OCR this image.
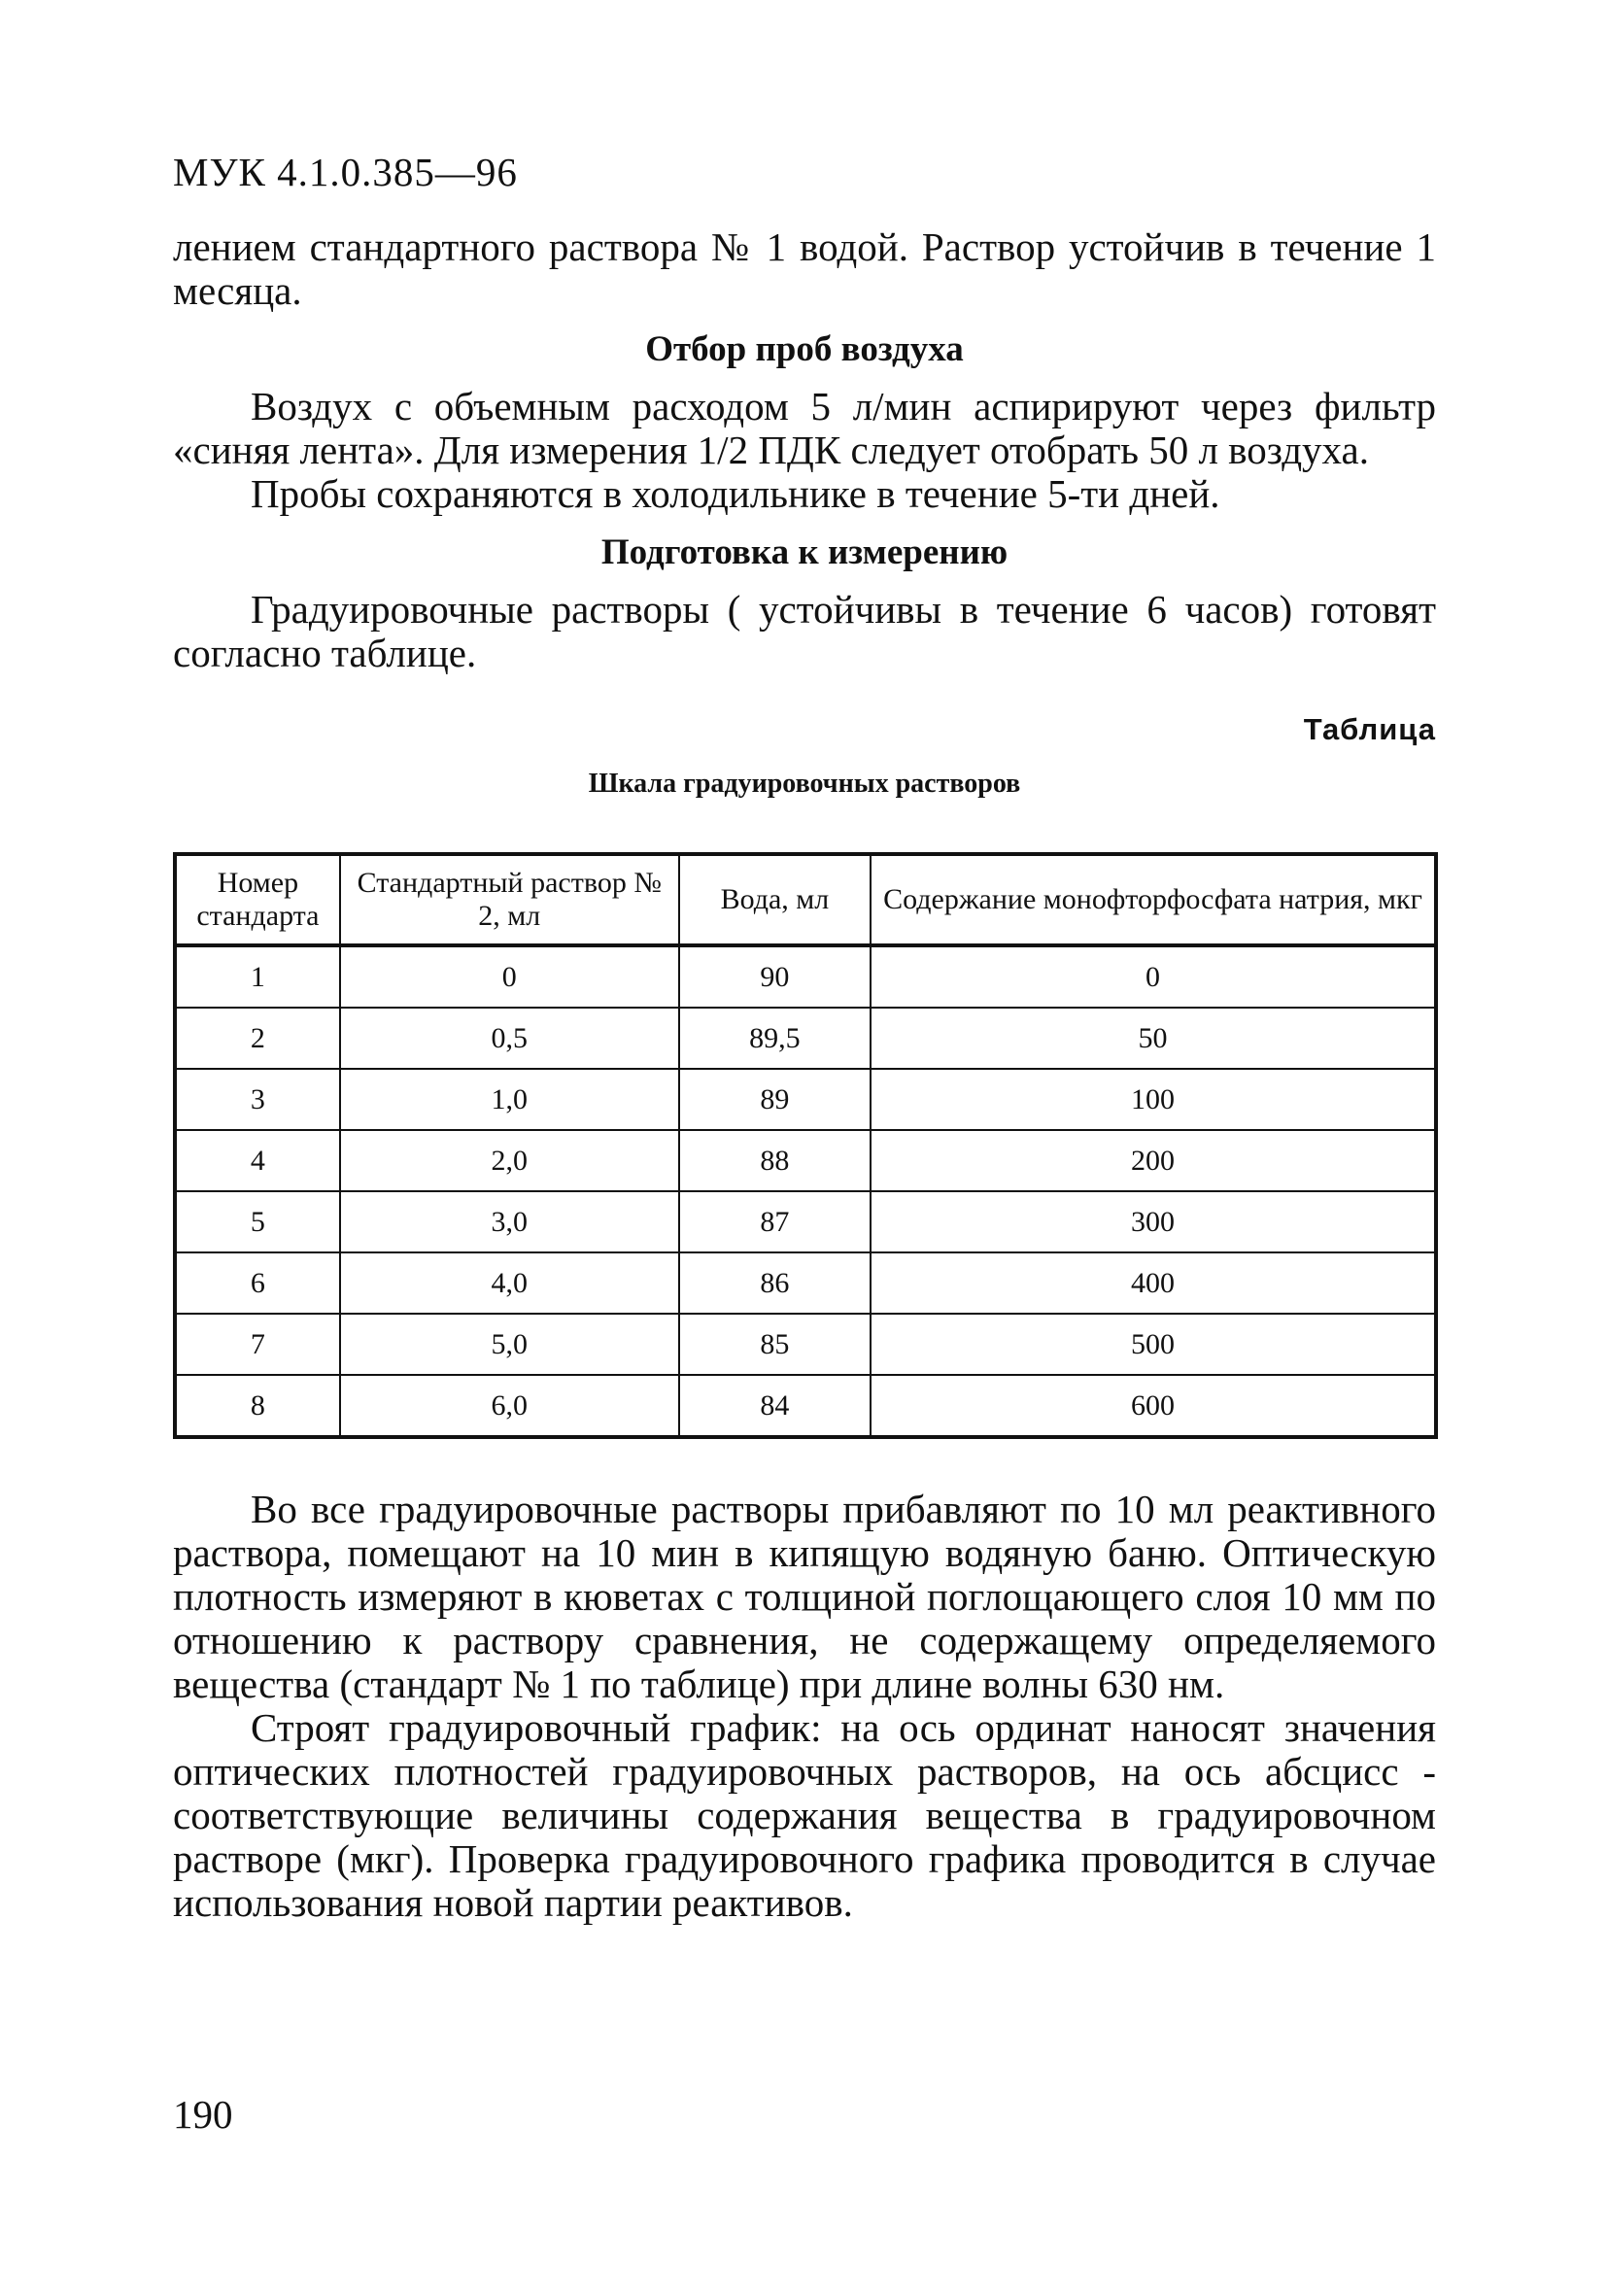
МУК 4.1.0.385—96

лением стандартного раствора № 1 водой. Раствор устойчив в течение 1 месяца.

Отбор проб воздуха

Воздух с объемным расходом 5 л/мин аспирируют через фильтр «синяя лента». Для измерения 1/2 ПДК следует отобрать 50 л воздуха.

Пробы сохраняются в холодильнике в течение 5-ти дней.

Подготовка к измерению

Градуировочные растворы ( устойчивы в течение 6 часов) готовят согласно таблице.

Таблица
Шкала градуировочных растворов
Номер стандарта	Стандартный раствор № 2, мл	Вода, мл	Содержание монофторфосфата натрия, мкг
1	0	90	0
2	0,5	89,5	50
3	1,0	89	100
4	2,0	88	200
5	3,0	87	300
6	4,0	86	400
7	5,0	85	500
8	6,0	84	600

Во все градуировочные растворы прибавляют по 10 мл реактивного раствора, помещают на 10 мин в кипящую водяную баню. Оптическую плотность измеряют в кюветах с толщиной поглощающего слоя 10 мм по отношению к раствору сравнения, не содержащему определяемого вещества (стандарт № 1 по таблице) при длине волны 630 нм.

Строят градуировочный график: на ось ординат наносят значения оптических плотностей градуировочных растворов, на ось абсцисс - соответствующие величины содержания вещества в градуировочном растворе (мкг). Проверка градуировочного графика проводится в случае использования новой партии реактивов.

190
